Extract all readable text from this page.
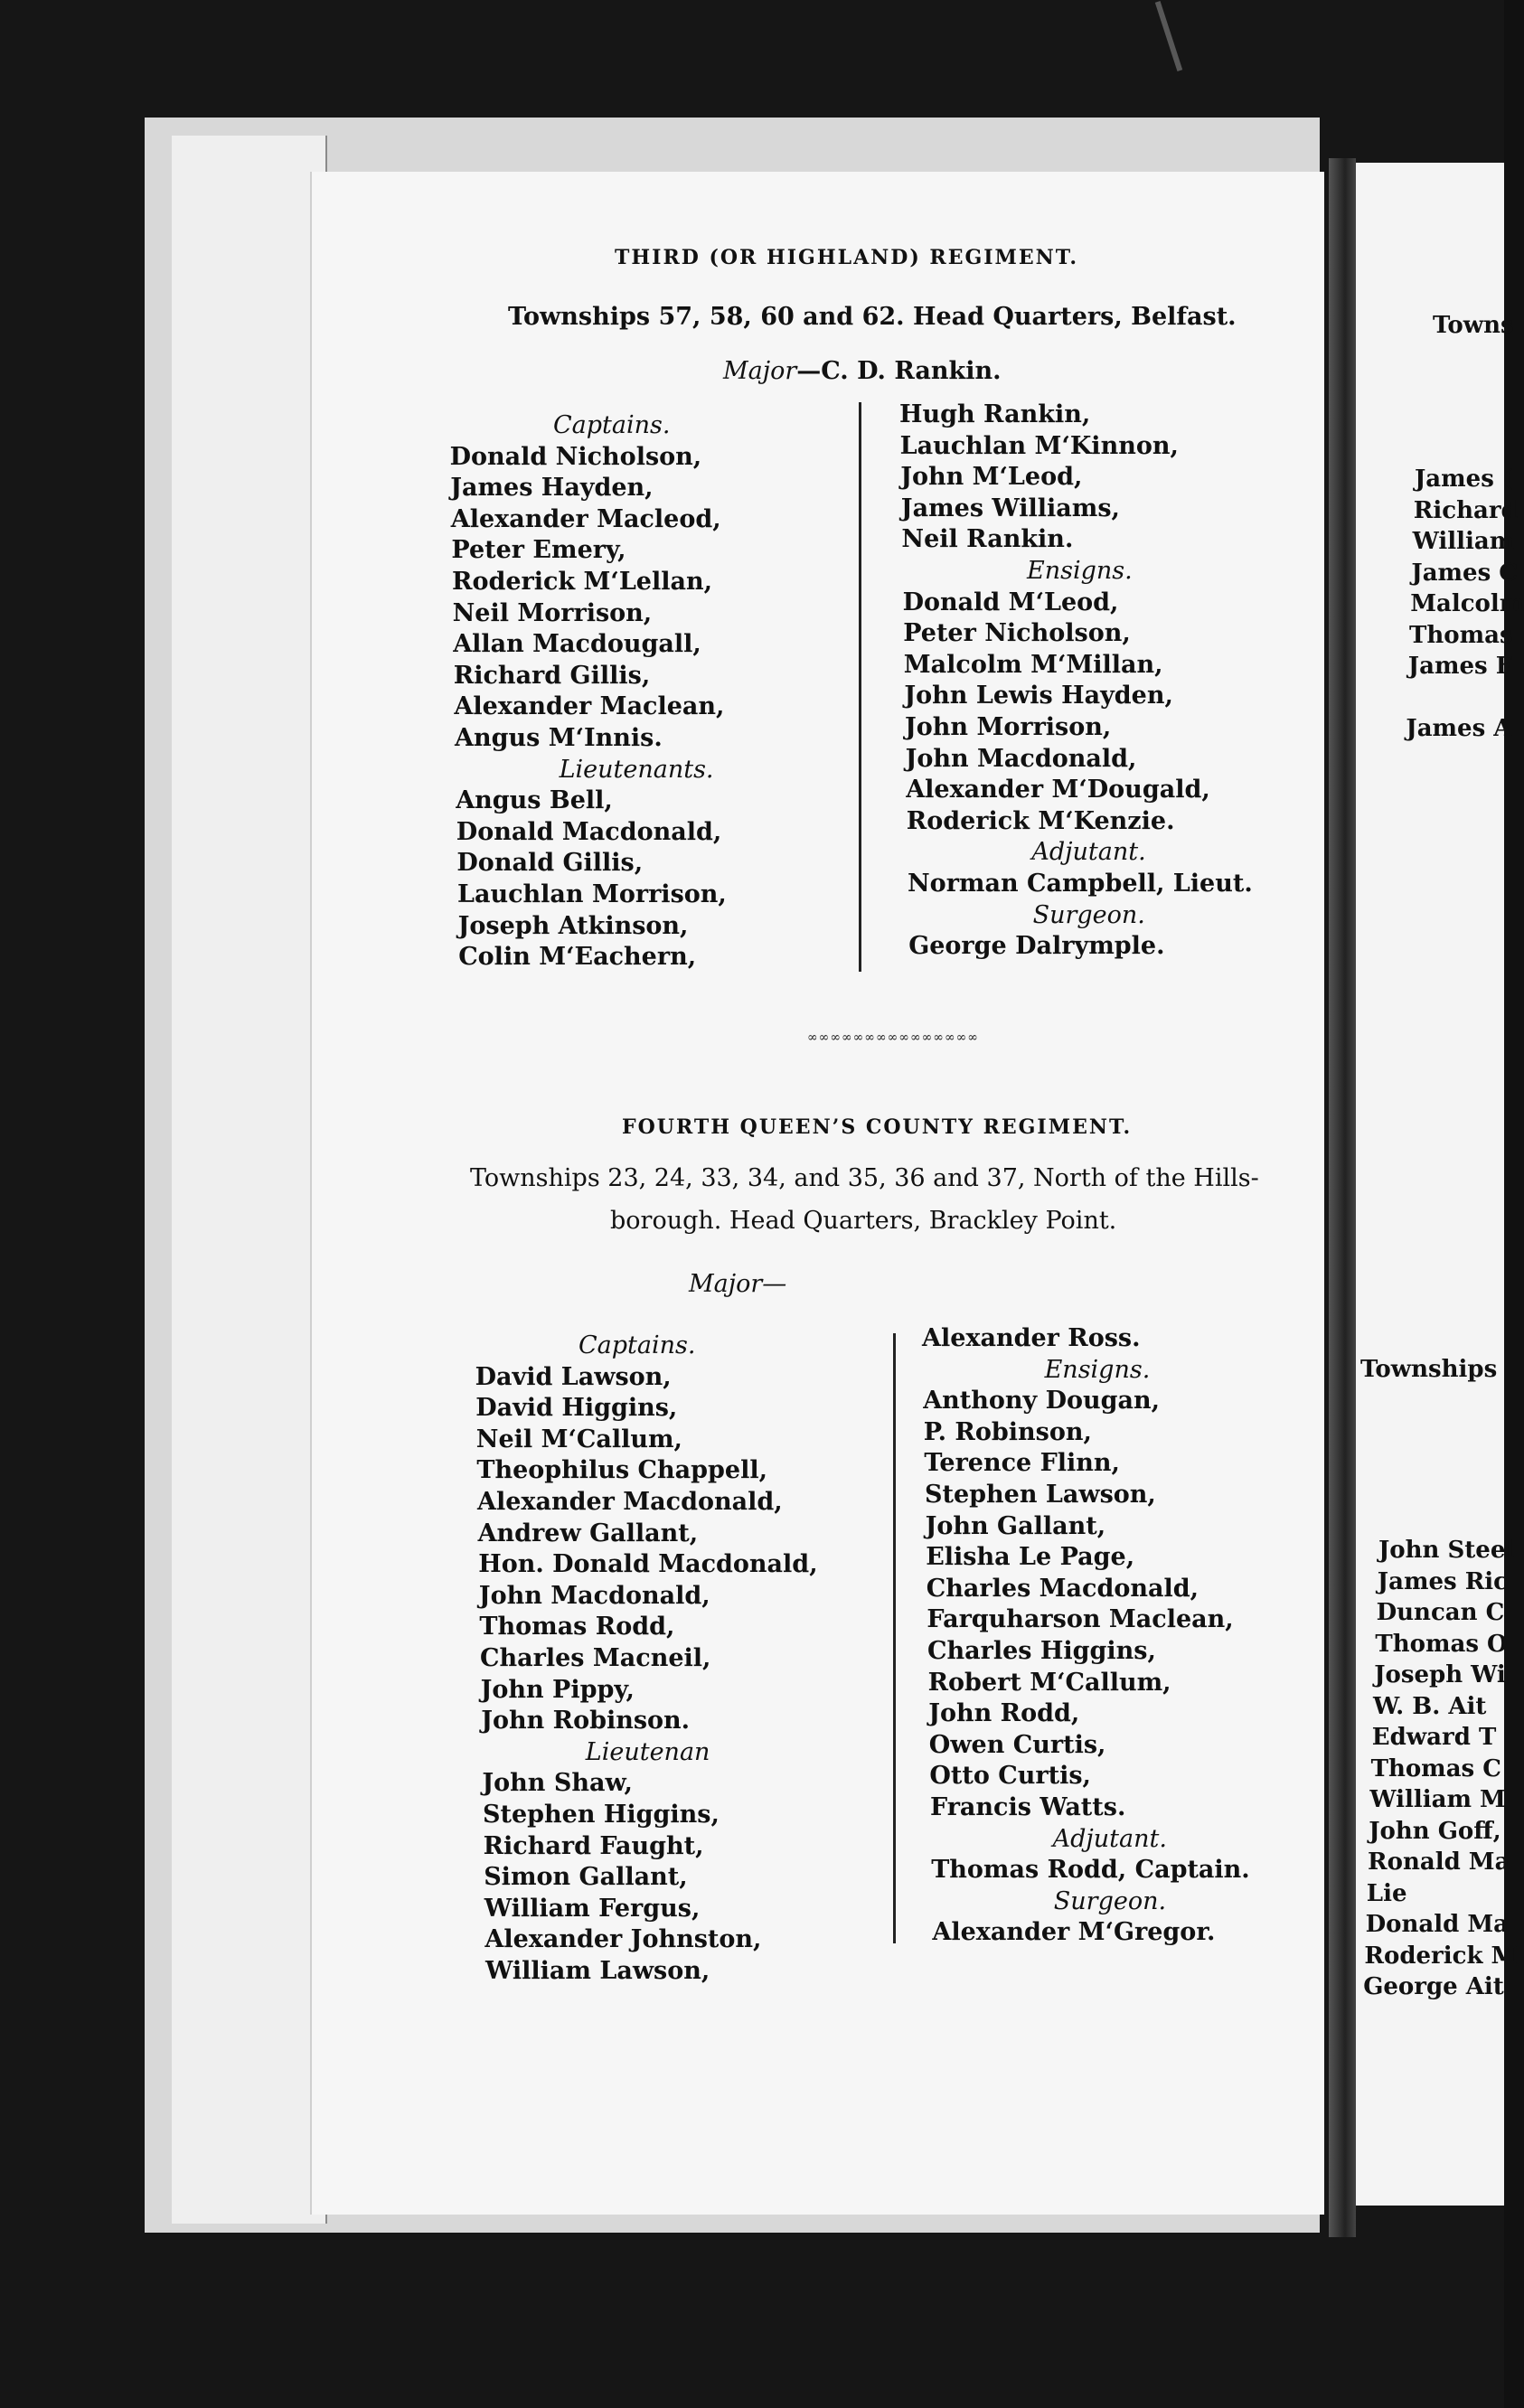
Towns
James (
Richard
William
James C
Malcolm
Thomas
James F
James A
Townships
John Steel
James Ric
Duncan C
Thomas O
Joseph Wi
W. B. Ait
Edward T
Thomas C
William M
John Goff,
Ronald Ma
Lie
Donald Ma
Roderick M
George Ait
THIRD (OR HIGHLAND) REGIMENT.
Townships 57, 58, 60 and 62. Head Quarters, Belfast.
Major—C. D. Rankin.
Captains.
Donald Nicholson,
James Hayden,
Alexander Macleod,
Peter Emery,
Roderick M‘Lellan,
Neil Morrison,
Allan Macdougall,
Richard Gillis,
Alexander Maclean,
Angus M‘Innis.
Lieutenants.
Angus Bell,
Donald Macdonald,
Donald Gillis,
Lauchlan Morrison,
Joseph Atkinson,
Colin M‘Eachern,
Hugh Rankin,
Lauchlan M‘Kinnon,
John M‘Leod,
James Williams,
Neil Rankin.
Ensigns.
Donald M‘Leod,
Peter Nicholson,
Malcolm M‘Millan,
John Lewis Hayden,
John Morrison,
John Macdonald,
Alexander M‘Dougald,
Roderick M‘Kenzie.
Adjutant.
Norman Campbell, Lieut.
Surgeon.
George Dalrymple.
∞∞∞∞∞∞∞∞∞∞∞∞∞∞∞
FOURTH QUEEN’S COUNTY REGIMENT.
Townships 23, 24, 33, 34, and 35, 36 and 37, North of the Hills-
borough. Head Quarters, Brackley Point.
Major—
Captains.
David Lawson,
David Higgins,
Neil M‘Callum,
Theophilus Chappell,
Alexander Macdonald,
Andrew Gallant,
Hon. Donald Macdonald,
John Macdonald,
Thomas Rodd,
Charles Macneil,
John Pippy,
John Robinson.
Lieutenan
John Shaw,
Stephen Higgins,
Richard Faught,
Simon Gallant,
William Fergus,
Alexander Johnston,
William Lawson,
Alexander Ross.
Ensigns.
Anthony Dougan,
P. Robinson,
Terence Flinn,
Stephen Lawson,
John Gallant,
Elisha Le Page,
Charles Macdonald,
Farquharson Maclean,
Charles Higgins,
Robert M‘Callum,
John Rodd,
Owen Curtis,
Otto Curtis,
Francis Watts.
Adjutant.
Thomas Rodd, Captain.
Surgeon.
Alexander M‘Gregor.
